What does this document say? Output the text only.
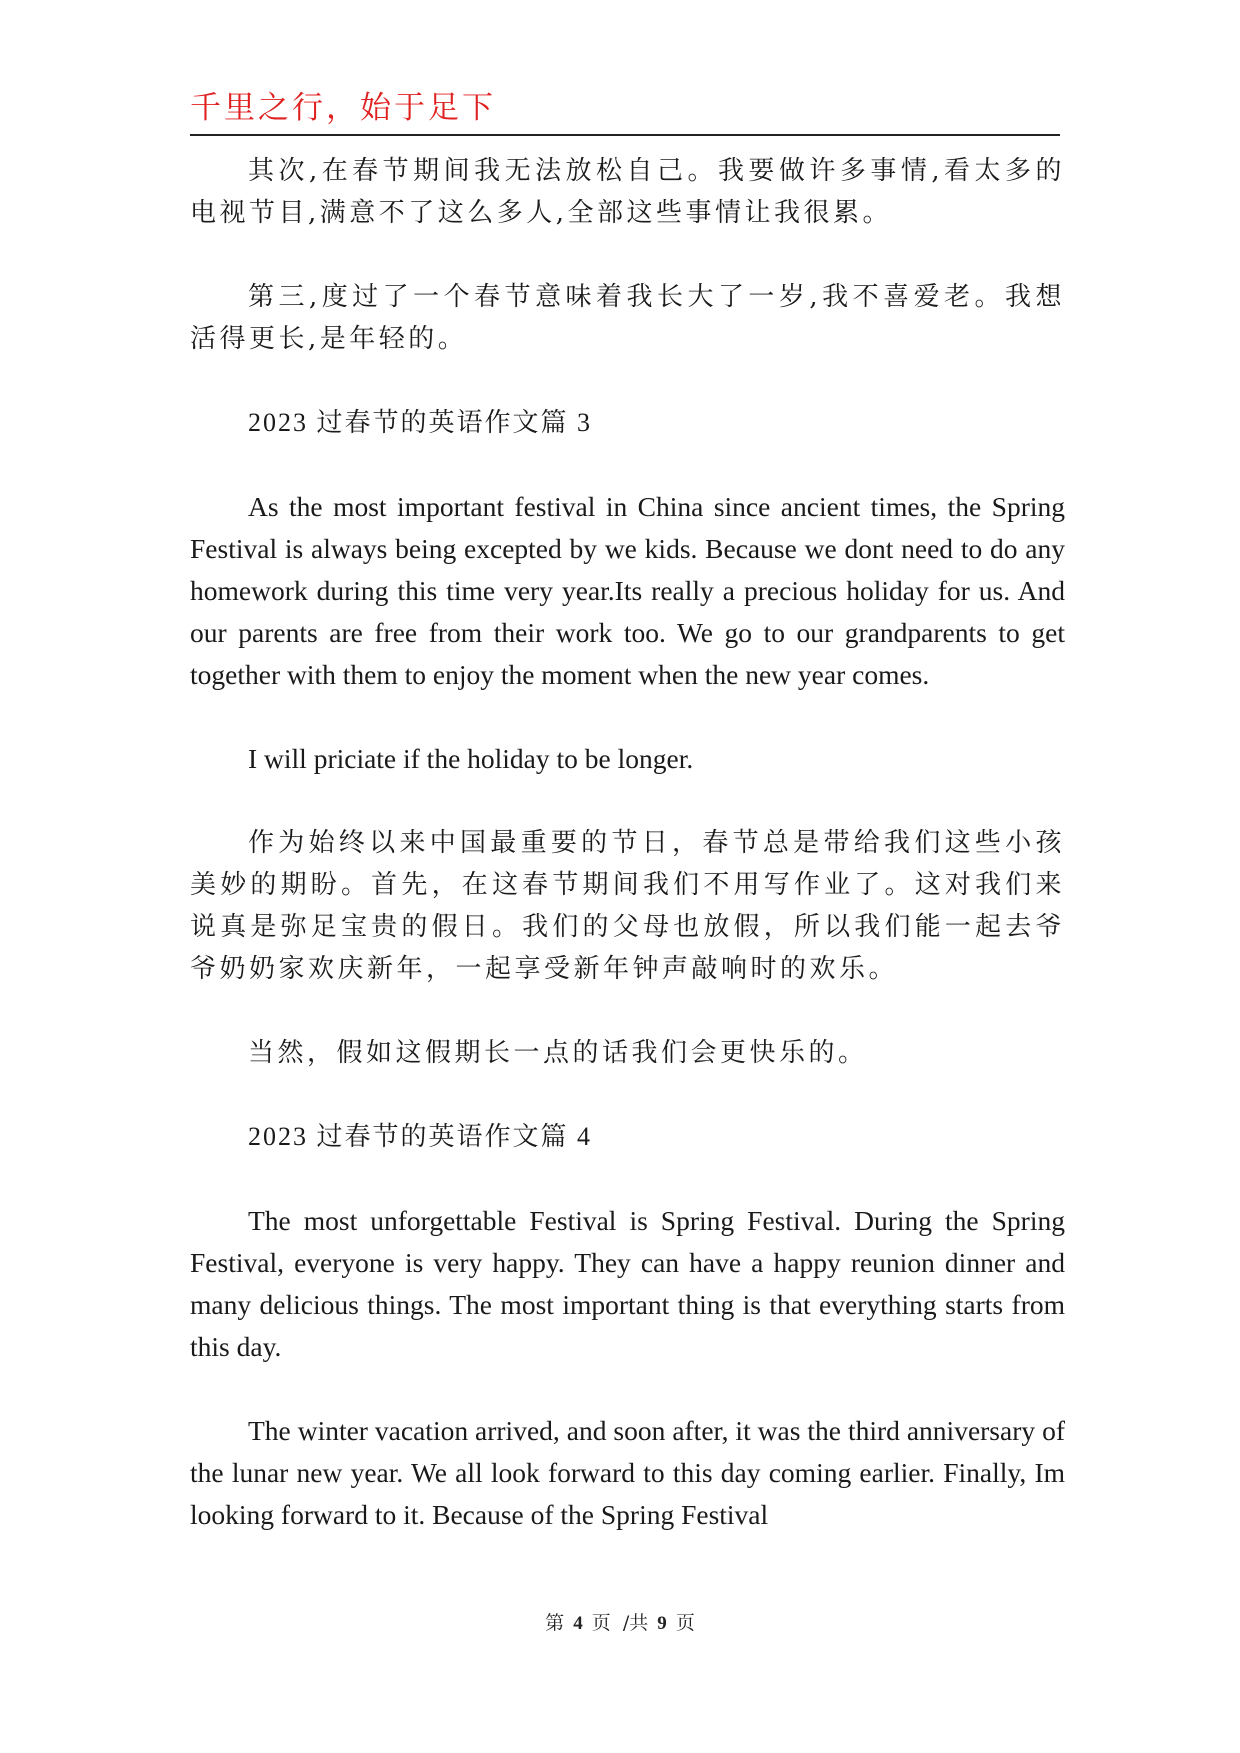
千里之行，始于足下

其次,在春节期间我无法放松自己。我要做许多事情,看太多的电视节目,满意不了这么多人,全部这些事情让我很累。

第三,度过了一个春节意味着我长大了一岁,我不喜爱老。我想活得更长,是年轻的。

2023 过春节的英语作文篇 3

As the most important festival in China since ancient times, the Spring Festival is always being excepted by we kids. Because we dont need to do any homework during this time very year.Its really a precious holiday for us. And our parents are free from their work too. We go to our grandparents to get together with them to enjoy the moment when the new year comes.

I will priciate if the holiday to be longer.

作为始终以来中国最重要的节日，春节总是带给我们这些小孩美妙的期盼。首先，在这春节期间我们不用写作业了。这对我们来说真是弥足宝贵的假日。我们的父母也放假，所以我们能一起去爷爷奶奶家欢庆新年，一起享受新年钟声敲响时的欢乐。

当然，假如这假期长一点的话我们会更快乐的。

2023 过春节的英语作文篇 4

The most unforgettable Festival is Spring Festival. During the Spring Festival, everyone is very happy. They can have a happy reunion dinner and many delicious things. The most important thing is that everything starts from this day.

The winter vacation arrived, and soon after, it was the third anniversary of the lunar new year. We all look forward to this day coming earlier. Finally, Im looking forward to it. Because of the Spring Festival

第 4 页 /共 9 页
